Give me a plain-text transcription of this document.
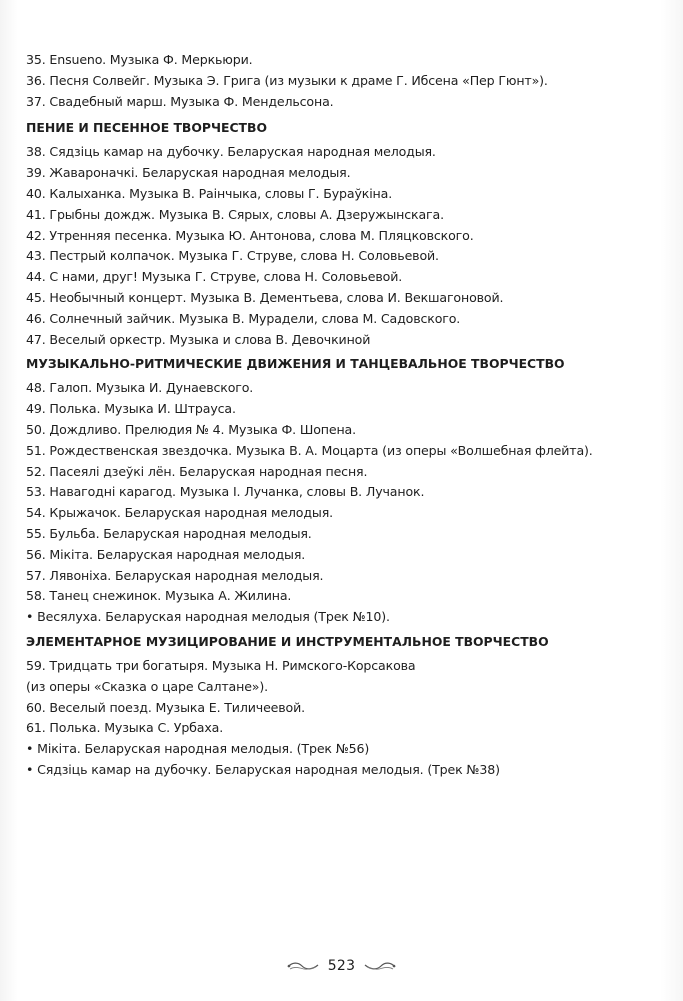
35. Ensueno. Музыка Ф. Меркьюри.
36. Песня Солвейг. Музыка Э. Грига (из музыки к драме Г. Ибсена «Пер Гюнт»).
37. Свадебный марш. Музыка Ф. Мендельсона.
ПЕНИЕ И ПЕСЕННОЕ ТВОРЧЕСТВО
38. Сядзіць камар на дубочку. Беларуская народная мелодыя.
39. Жавароначкі. Беларуская народная мелодыя.
40. Калыханка. Музыка В. Раінчыка, словы Г. Бураўкіна.
41. Грыбны дождж. Музыка В. Сярых, словы А. Дзеружынскага.
42. Утренняя песенка. Музыка Ю. Антонова, слова М. Пляцковского.
43. Пестрый колпачок. Музыка Г. Струве, слова Н. Соловьевой.
44. С нами, друг! Музыка Г. Струве, слова Н. Соловьевой.
45. Необычный концерт. Музыка В. Дементьева, слова И. Векшагоновой.
46. Солнечный зайчик. Музыка В. Мурадели, слова М. Садовского.
47. Веселый оркестр. Музыка и слова В. Девочкиной
МУЗЫКАЛЬНО-РИТМИЧЕСКИЕ ДВИЖЕНИЯ И ТАНЦЕВАЛЬНОЕ ТВОРЧЕСТВО
48. Галоп. Музыка И. Дунаевского.
49. Полька. Музыка И. Штрауса.
50. Дождливо. Прелюдия № 4. Музыка Ф. Шопена.
51. Рождественская звездочка. Музыка В. А. Моцарта (из оперы «Волшебная флейта).
52. Пасеялі дзеўкі лён. Беларуская народная песня.
53. Навагодні карагод. Музыка І. Лучанка, словы В. Лучанок.
54. Крыжачок. Беларуская народная мелодыя.
55. Бульба. Беларуская народная мелодыя.
56. Мікіта. Беларуская народная мелодыя.
57. Лявоніха. Беларуская народная мелодыя.
58. Танец снежинок. Музыка А. Жилина.
• Весялуха. Беларуская народная мелодыя (Трек №10).
ЭЛЕМЕНТАРНОЕ МУЗИЦИРОВАНИЕ И ИНСТРУМЕНТАЛЬНОЕ ТВОРЧЕСТВО
59. Тридцать три богатыря. Музыка Н. Римского-Корсакова
(из оперы «Сказка о царе Салтане»).
60. Веселый поезд. Музыка Е. Тиличеевой.
61. Полька. Музыка С. Урбаха.
• Мікіта. Беларуская народная мелодыя. (Трек №56)
• Сядзіць камар на дубочку. Беларуская народная мелодыя. (Трек №38)
523
